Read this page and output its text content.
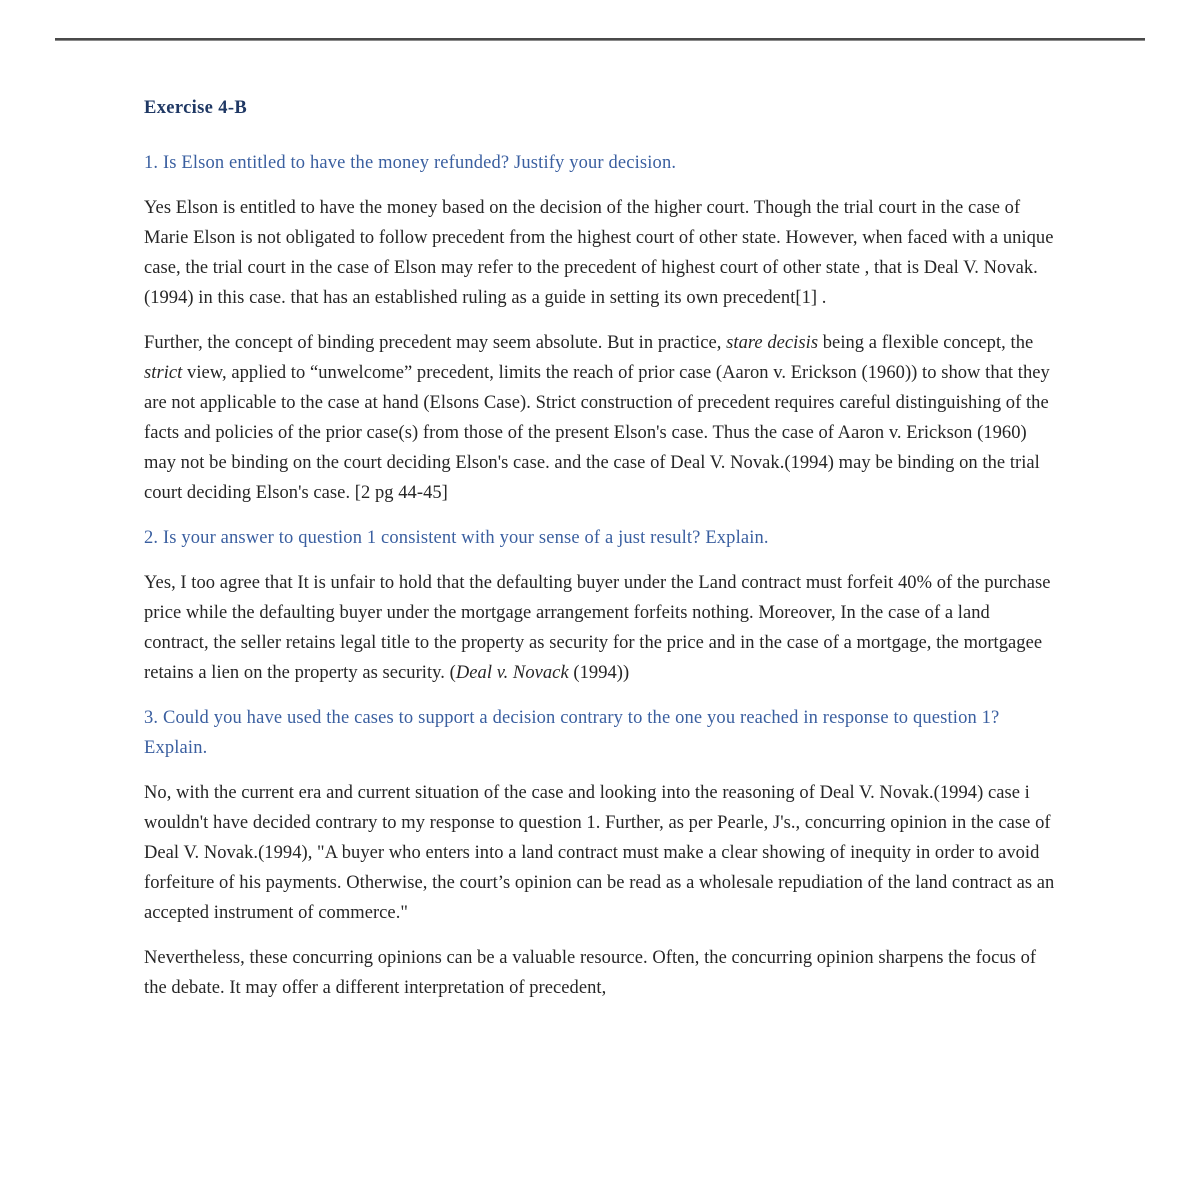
Exercise 4-B

1. Is Elson entitled to have the money refunded? Justify your decision.

Yes Elson is entitled to have the money based on the decision of the higher court. Though the trial court in the case of Marie Elson is not obligated to follow precedent from the highest court of other state. However, when faced with a unique case, the trial court in the case of Elson may refer to the precedent of highest court of other state , that is Deal V. Novak.(1994) in this case. that has an established ruling as a guide in setting its own precedent[1] .

Further, the concept of binding precedent may seem absolute. But in practice, stare decisis being a flexible concept, the strict view, applied to “unwelcome” precedent, limits the reach of prior case (Aaron v. Erickson (1960)) to show that they are not applicable to the case at hand (Elsons Case). Strict construction of precedent requires careful distinguishing of the facts and policies of the prior case(s) from those of the present Elson's case. Thus the case of Aaron v. Erickson (1960) may not be binding on the court deciding Elson's case. and the case of Deal V. Novak.(1994) may be binding on the trial court deciding Elson's case. [2 pg 44-45]

2. Is your answer to question 1 consistent with your sense of a just result? Explain.

Yes, I too agree that It is unfair to hold that the defaulting buyer under the Land contract must forfeit 40% of the purchase price while the defaulting buyer under the mortgage arrangement forfeits nothing. Moreover, In the case of a land contract, the seller retains legal title to the property as security for the price and in the case of a mortgage, the mortgagee retains a lien on the property as security. (Deal v. Novack (1994))

3. Could you have used the cases to support a decision contrary to the one you reached in response to question 1? Explain.

No, with the current era and current situation of the case and looking into the reasoning of Deal V. Novak.(1994) case i wouldn't have decided contrary to my response to question 1. Further, as per Pearle, J's., concurring opinion in the case of Deal V. Novak.(1994), "A buyer who enters into a land contract must make a clear showing of inequity in order to avoid forfeiture of his payments. Otherwise, the court’s opinion can be read as a wholesale repudiation of the land contract as an accepted instrument of commerce."

Nevertheless, these concurring opinions can be a valuable resource. Often, the concurring opinion sharpens the focus of the debate. It may offer a different interpretation of precedent,
